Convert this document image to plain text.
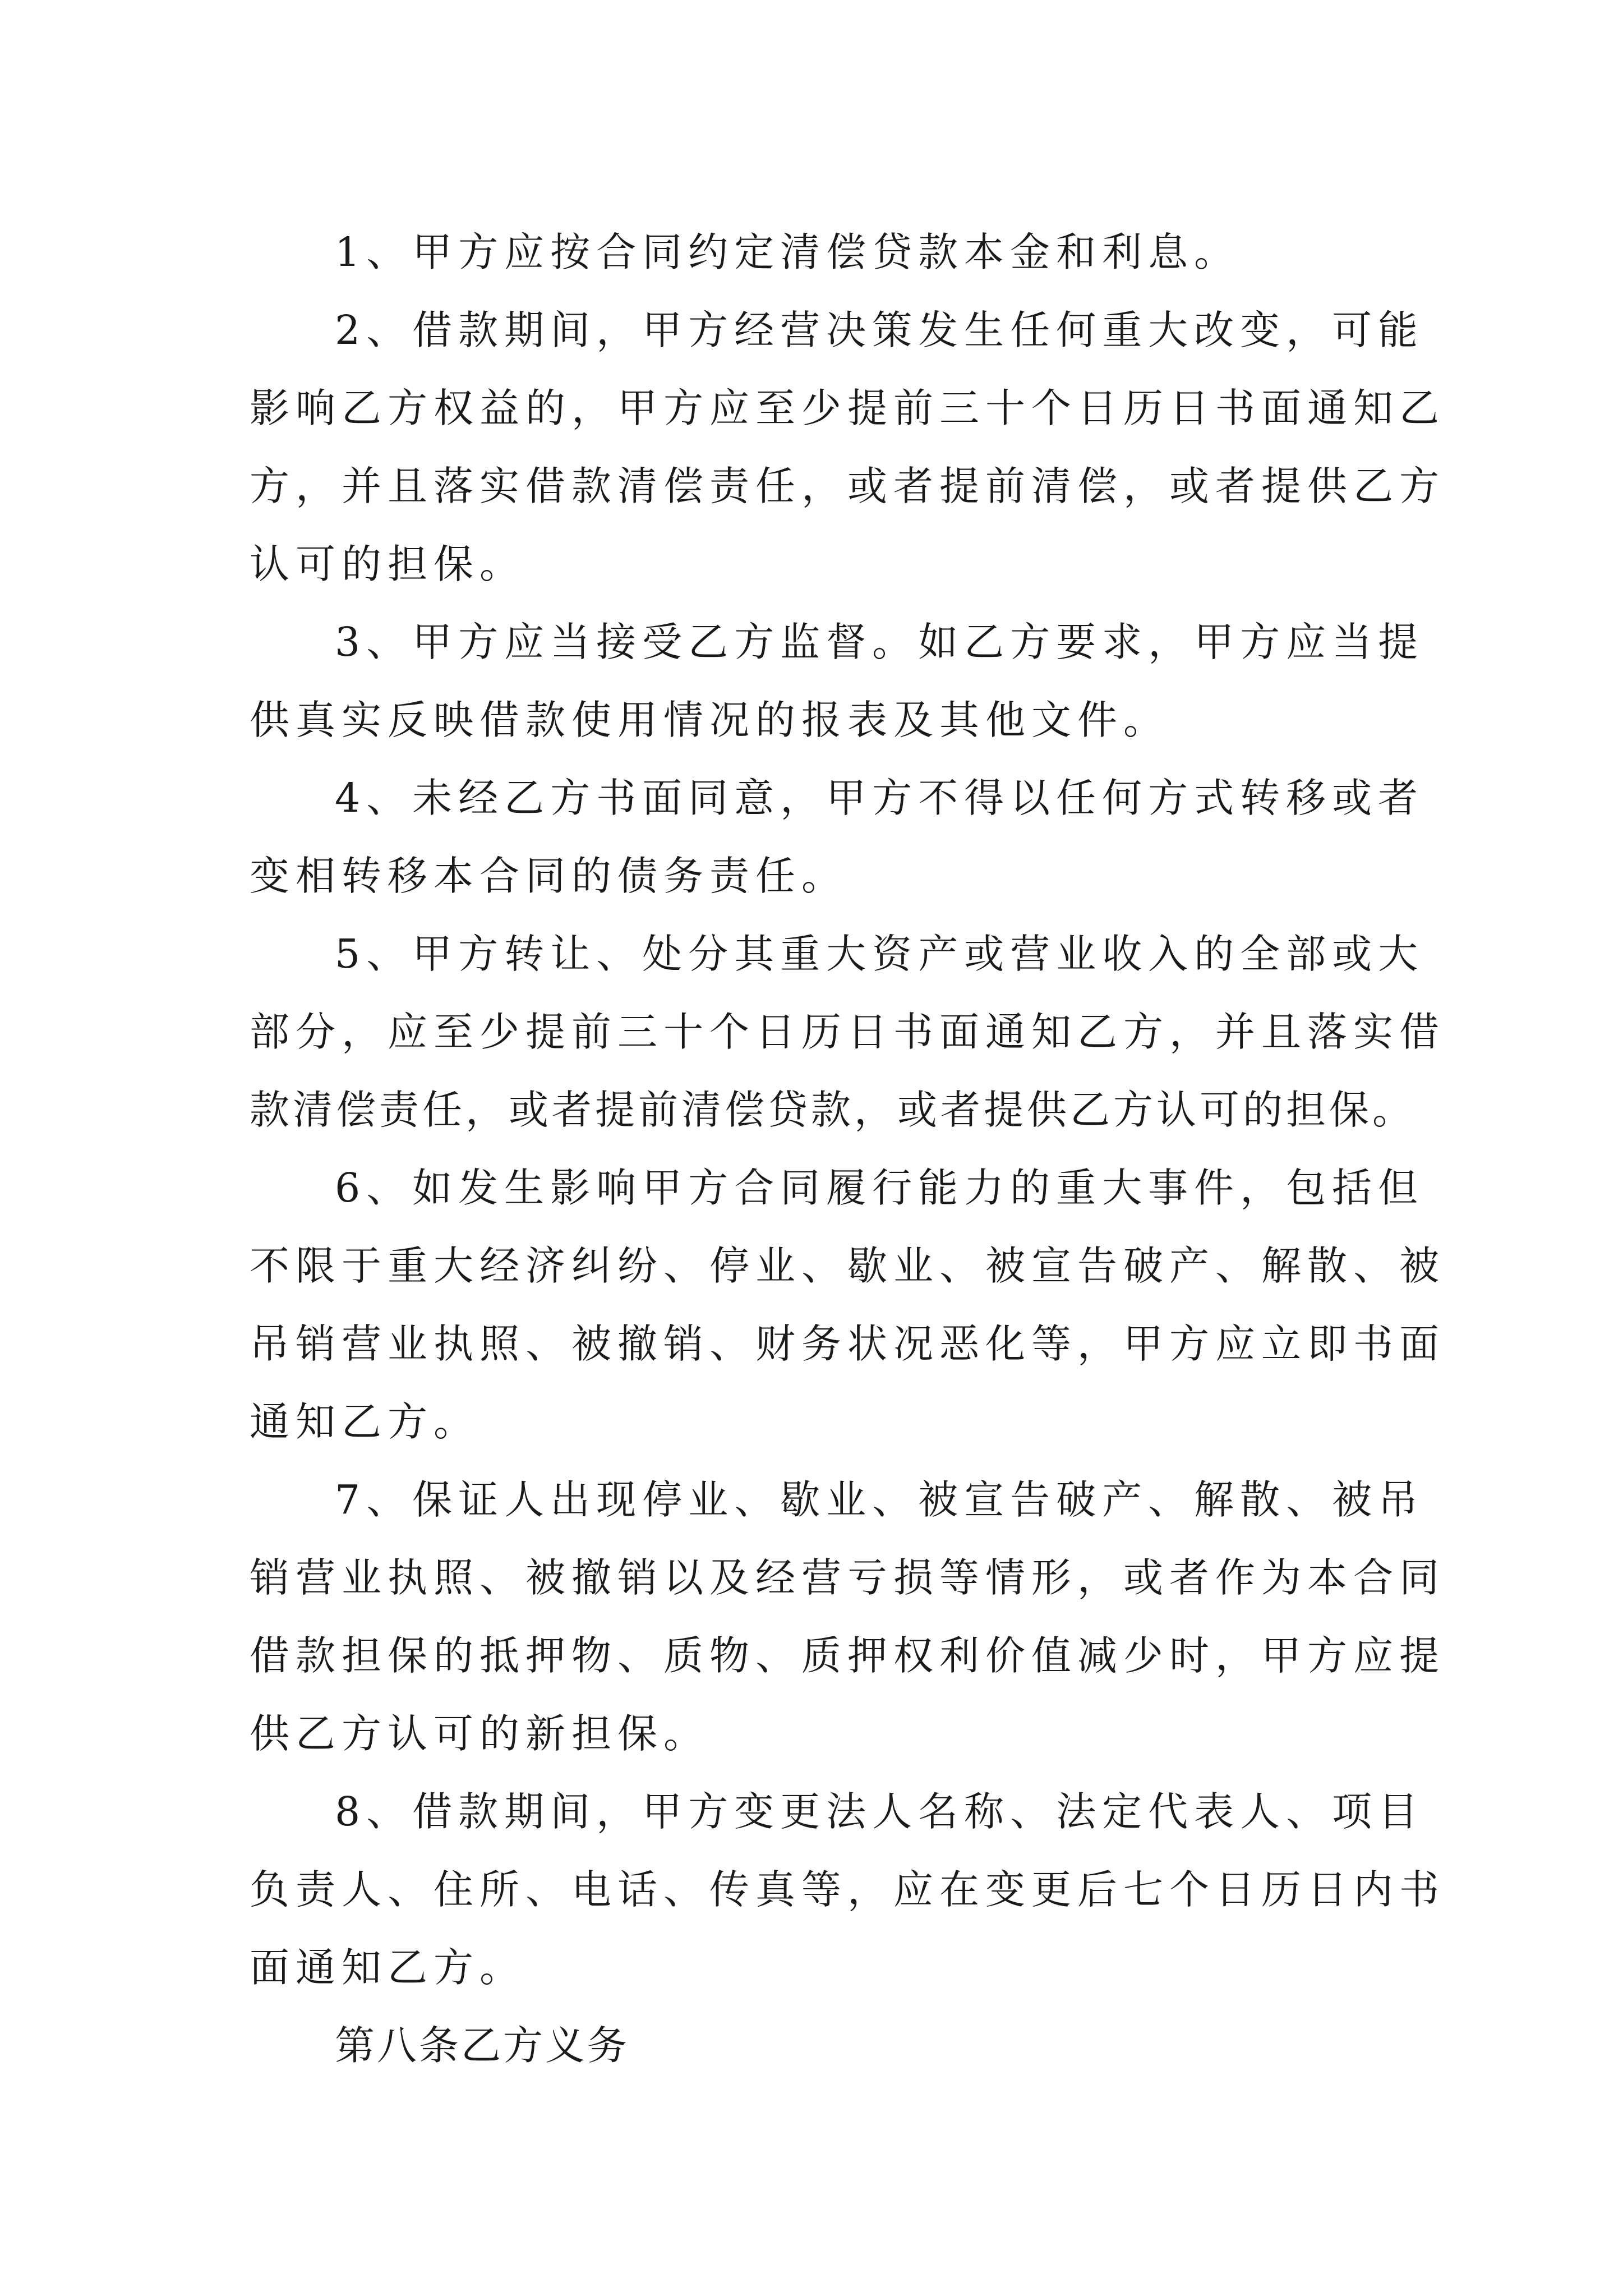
1、甲方应按合同约定清偿贷款本金和利息。

2、借款期间，甲方经营决策发生任何重大改变，可能
影响乙方权益的，甲方应至少提前三十个日历日书面通知乙
方，并且落实借款清偿责任，或者提前清偿，或者提供乙方
认可的担保。

3、甲方应当接受乙方监督。如乙方要求，甲方应当提
供真实反映借款使用情况的报表及其他文件。

4、未经乙方书面同意，甲方不得以任何方式转移或者
变相转移本合同的债务责任。

5、甲方转让、处分其重大资产或营业收入的全部或大
部分，应至少提前三十个日历日书面通知乙方，并且落实借
款清偿责任，或者提前清偿贷款，或者提供乙方认可的担保。

6、如发生影响甲方合同履行能力的重大事件，包括但
不限于重大经济纠纷、停业、歇业、被宣告破产、解散、被
吊销营业执照、被撤销、财务状况恶化等，甲方应立即书面
通知乙方。

7、保证人出现停业、歇业、被宣告破产、解散、被吊
销营业执照、被撤销以及经营亏损等情形，或者作为本合同
借款担保的抵押物、质物、质押权利价值减少时，甲方应提
供乙方认可的新担保。

8、借款期间，甲方变更法人名称、法定代表人、项目
负责人、住所、电话、传真等，应在变更后七个日历日内书
面通知乙方。

第八条乙方义务
